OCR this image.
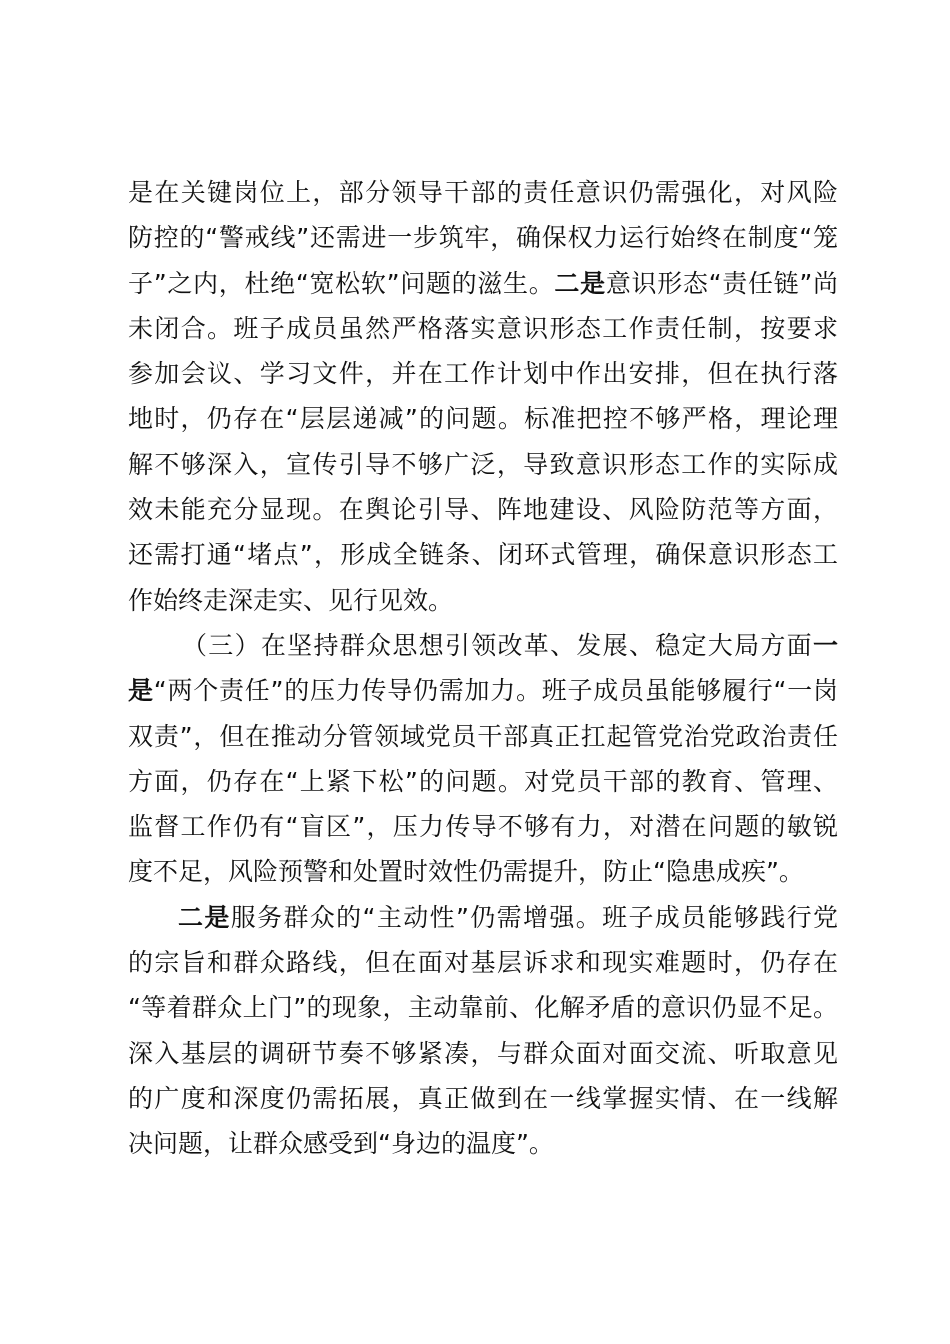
是在关键岗位上，部分领导干部的责任意识仍需强化，对风险
防控的“警戒线”还需进一步筑牢，确保权力运行始终在制度“笼
子”之内，杜绝“宽松软”问题的滋生。二是意识形态“责任链”尚
未闭合。班子成员虽然严格落实意识形态工作责任制，按要求
参加会议、学习文件，并在工作计划中作出安排，但在执行落
地时，仍存在“层层递减”的问题。标准把控不够严格，理论理
解不够深入，宣传引导不够广泛，导致意识形态工作的实际成
效未能充分显现。在舆论引导、阵地建设、风险防范等方面，
还需打通“堵点”，形成全链条、闭环式管理，确保意识形态工
作始终走深走实、见行见效。
（三）在坚持群众思想引领改革、发展、稳定大局方面一
是“两个责任”的压力传导仍需加力。班子成员虽能够履行“一岗
双责”，但在推动分管领域党员干部真正扛起管党治党政治责任
方面，仍存在“上紧下松”的问题。对党员干部的教育、管理、
监督工作仍有“盲区”，压力传导不够有力，对潜在问题的敏锐
度不足，风险预警和处置时效性仍需提升，防止“隐患成疾”。
二是服务群众的“主动性”仍需增强。班子成员能够践行党
的宗旨和群众路线，但在面对基层诉求和现实难题时，仍存在
“等着群众上门”的现象，主动靠前、化解矛盾的意识仍显不足。
深入基层的调研节奏不够紧凑，与群众面对面交流、听取意见
的广度和深度仍需拓展，真正做到在一线掌握实情、在一线解
决问题，让群众感受到“身边的温度”。
